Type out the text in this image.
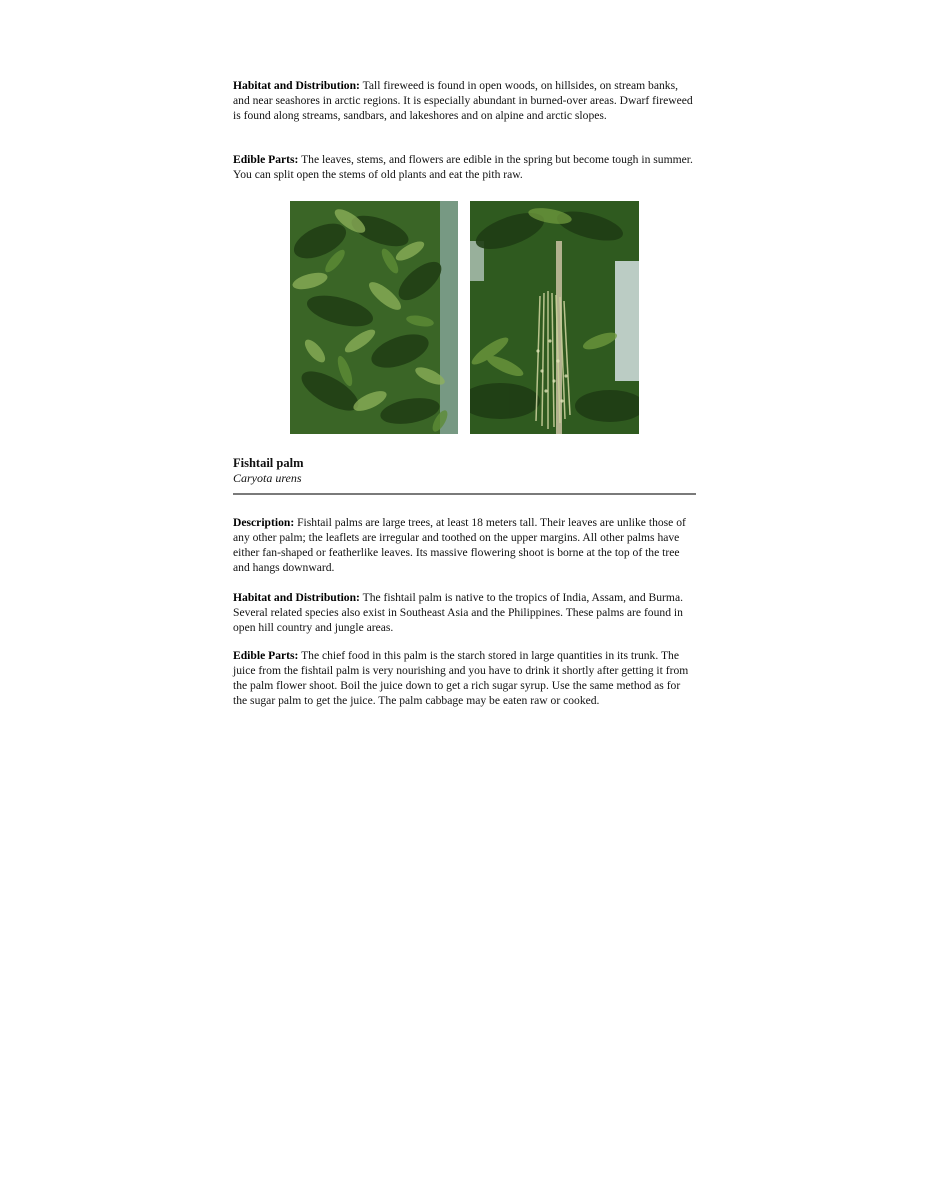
Habitat and Distribution: Tall fireweed is found in open woods, on hillsides, on stream banks, and near seashores in arctic regions. It is especially abundant in burned-over areas. Dwarf fireweed is found along streams, sandbars, and lakeshores and on alpine and arctic slopes.

Edible Parts: The leaves, stems, and flowers are edible in the spring but become tough in summer. You can split open the stems of old plants and eat the pith raw.

Fishtail palm
Caryota urens

Description: Fishtail palms are large trees, at least 18 meters tall. Their leaves are unlike those of any other palm; the leaflets are irregular and toothed on the upper margins. All other palms have either fan-shaped or featherlike leaves. Its massive flowering shoot is borne at the top of the tree and hangs downward.

Habitat and Distribution: The fishtail palm is native to the tropics of India, Assam, and Burma. Several related species also exist in Southeast Asia and the Philippines. These palms are found in open hill country and jungle areas.

Edible Parts: The chief food in this palm is the starch stored in large quantities in its trunk. The juice from the fishtail palm is very nourishing and you have to drink it shortly after getting it from the palm flower shoot. Boil the juice down to get a rich sugar syrup. Use the same method as for the sugar palm to get the juice. The palm cabbage may be eaten raw or cooked.
